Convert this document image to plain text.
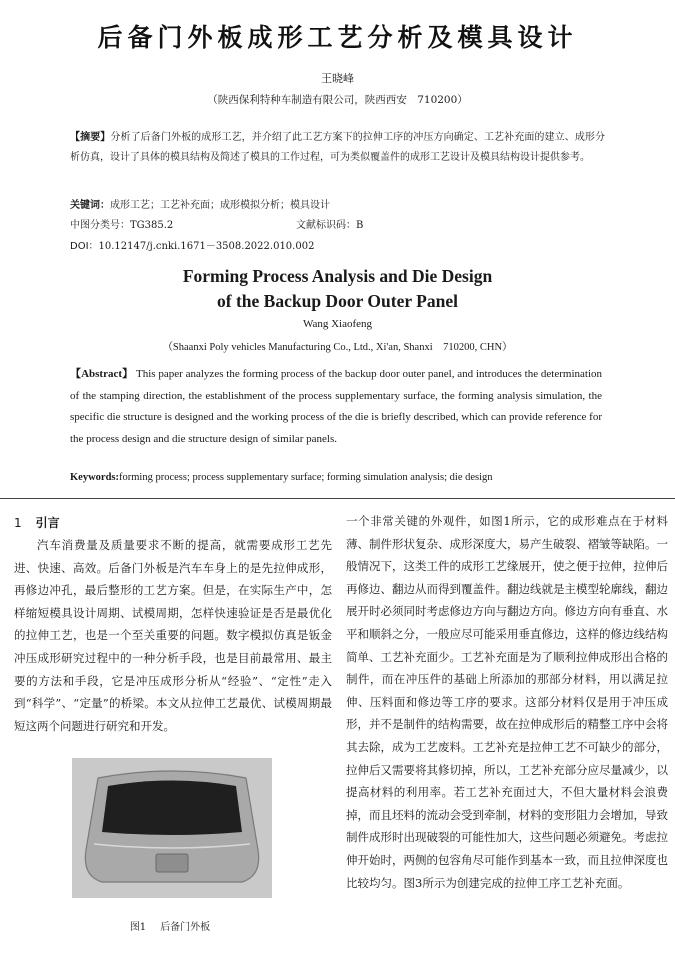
后备门外板成形工艺分析及模具设计
王晓峰
（陕西保利特种车制造有限公司，陕西西安　710200）
【摘要】分析了后备门外板的成形工艺，并介绍了此工艺方案下的拉伸工序的冲压方向确定、工艺补充面的建立、成形分析仿真，设计了具体的模具结构及简述了模具的工作过程，可为类似覆盖件的成形工艺设计及模具结构设计提供参考。
关键词：成形工艺；工艺补充面；成形模拟分析；模具设计
中图分类号：TG385.2	文献标识码：B
DOI：10.12147/j.cnki.1671－3508.2022.010.002
Forming Process Analysis and Die Design
of the Backup Door Outer Panel
Wang Xiaofeng
（Shaanxi Poly vehicles Manufacturing Co., Ltd., Xi'an, Shanxi　710200, CHN）
【Abstract】 This paper analyzes the forming process of the backup door outer panel, and introduces the determination of the stamping direction, the establishment of the process supplementary surface, the forming analysis simulation, the specific die structure is designed and the working process of the die is briefly described, which can provide reference for the process design and die structure design of similar panels.
Keywords:forming process; process supplementary surface; forming simulation analysis; die design
1 引言

汽车消费量及质量要求不断的提高，就需要成形工艺先进、快速、高效。后备门外板是汽车车身上的是先拉伸成形，再修边冲孔，最后整形的工艺方案。但是，在实际生产中，怎样缩短模具设计周期、试模周期，怎样快速验证是否是最优化的拉伸工艺，也是一个至关重要的问题。数字模拟仿真是钣金冲压成形研究过程中的一种分析手段，也是目前最常用、最主要的方法和手段，它是冲压成形分析从“经验”、“定性”走入到“科学”、“定量”的桥梁。本文从拉伸工艺最优、试模周期最短这两个问题进行研究和开发。

一个非常关键的外观件，如图1所示，它的成形难点在于材料薄、制件形状复杂、成形深度大，易产生破裂、褶皱等缺陷。一般情况下，这类工件的成形工艺缘展开，使之便于拉伸，拉伸后再修边、翻边从而得到覆盖件。翻边线就是主模型轮廓线，翻边展开时必须同时考虑修边方向与翻边方向。修边方向有垂直、水平和顺斜之分，一般应尽可能采用垂直修边，这样的修边线结构简单、工艺补充面少。工艺补充面是为了顺利拉伸成形出合格的制件，而在冲压件的基础上所添加的那部分材料，用以满足拉伸、压料面和修边等工序的要求。这部分材料仅是用于冲压成形，并不是制件的结构需要，故在拉伸成形后的精整工序中会将其去除，成为工艺废料。工艺补充是拉伸工艺不可缺少的部分，拉伸后又需要将其修切掉，所以，工艺补充部分应尽量减少，以提高材料的利用率。若工艺补充面过大，不但大量材料会浪费掉，而且坯料的流动会受到牵制，材料的变形阻力会增加，导致制件成形时出现破裂的可能性加大，这些问题必须避免。考虑拉伸开始时，两侧的包容角尽可能作到基本一致，而且拉伸深度也比较均匀。图3所示为创建完成的拉伸工序工艺补充面。

图1 后备门外板
